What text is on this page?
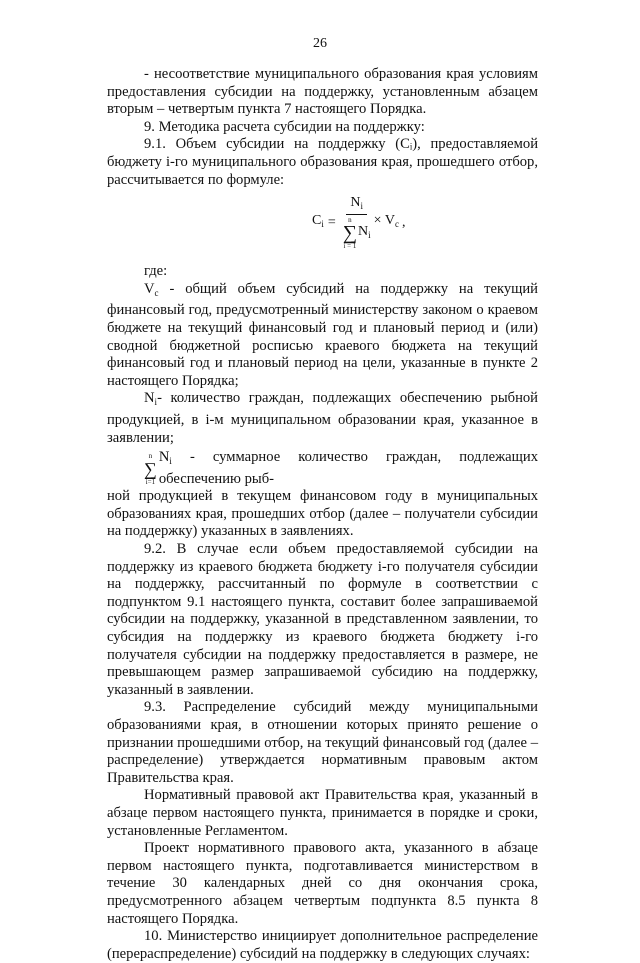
26

- несоответствие муниципального образования края условиям предоставления субсидии на поддержку, установленным абзацем вторым – четвертым пункта 7 настоящего Порядка.

9. Методика расчета субсидии на поддержку:

9.1. Объем субсидии на поддержку (Cᵢ), предоставляемой бюджету i-го муниципального образования края, прошедшего отбор, рассчитывается по формуле:

$C_i$ =
$N_i$
n
∑
i = 1
$N_i$
× $V_c$ ,

где:

$V_c$ - общий объем субсидий на поддержку на текущий финансовый год, предусмотренный министерству законом о краевом бюджете на текущий финансовый год и плановый период и (или) сводной бюджетной росписью краевого бюджета на текущий финансовый год и плановый период на цели, указанные в пункте 2 настоящего Порядка;

$N_i-$ количество граждан, подлежащих обеспечению рыбной продукцией, в i-м муниципальном образовании края, указанное в заявлении;

n
∑
i=1
$N_i$ - суммарное количество граждан, подлежащих обеспечению рыб-

ной продукцией в текущем финансовом году в муниципальных образованиях края, прошедших отбор (далее – получатели субсидии на поддержку) указанных в заявлениях.

9.2. В случае если объем предоставляемой субсидии на поддержку из краевого бюджета бюджету i-го получателя субсидии на поддержку, рассчитанный по формуле в соответствии с подпунктом 9.1 настоящего пункта, составит более запрашиваемой субсидии на поддержку, указанной в представленном заявлении, то субсидия на поддержку из краевого бюджета бюджету i-го получателя субсидии на поддержку предоставляется в размере, не превышающем размер запрашиваемой субсидию на поддержку, указанный в заявлении.

9.3. Распределение субсидий между муниципальными образованиями края, в отношении которых принято решение о признании прошедшими отбор, на текущий финансовый год (далее – распределение) утверждается нормативным правовым актом Правительства края.

Нормативный правовой акт Правительства края, указанный в абзаце первом настоящего пункта, принимается в порядке и сроки, установленные Регламентом.

Проект нормативного правового акта, указанного в абзаце первом настоящего пункта, подготавливается министерством в течение 30 календарных дней со дня окончания срока, предусмотренного абзацем четвертым подпункта 8.5 пункта 8 настоящего Порядка.

10. Министерство инициирует дополнительное распределение (перераспределение) субсидий на поддержку в следующих случаях:
